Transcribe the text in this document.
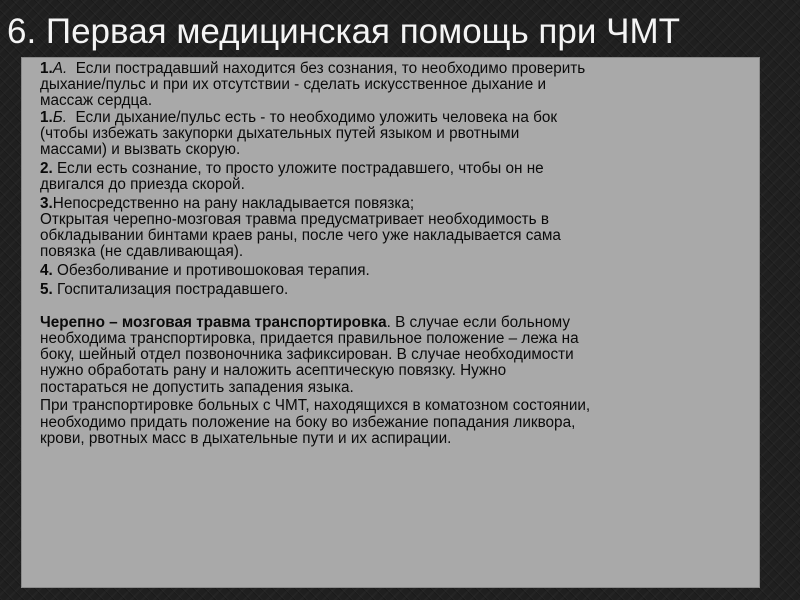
6. Первая медицинская помощь при ЧМТ

1.А.  Если пострадавший находится без сознания, то необходимо проверить
дыхание/пульс и при их отсутствии - сделать искусственное дыхание и
массаж сердца.
1.Б.  Если дыхание/пульс есть - то необходимо уложить человека на бок
(чтобы избежать закупорки дыхательных путей языком и рвотными
массами) и вызвать скорую.

2. Если есть сознание, то просто уложите пострадавшего, чтобы он не
двигался до приезда скорой.

3.Непосредственно на рану накладывается повязка;
Открытая черепно-мозговая травма предусматривает необходимость в
обкладывании бинтами краев раны, после чего уже накладывается сама
повязка (не сдавливающая).

4. Обезболивание и противошоковая терапия.

5. Госпитализация пострадавшего.

Черепно – мозговая травма транспортировка. В случае если больному
необходима транспортировка, придается правильное положение – лежа на
боку, шейный отдел позвоночника зафиксирован. В случае необходимости
нужно обработать рану и наложить асептическую повязку. Нужно
постараться не допустить западения языка.

При транспортировке больных с ЧМТ, находящихся в коматозном состоянии,
необходимо придать положение на боку во избежание попадания ликвора,
крови, рвотных масс в дыхательные пути и их аспирации.
